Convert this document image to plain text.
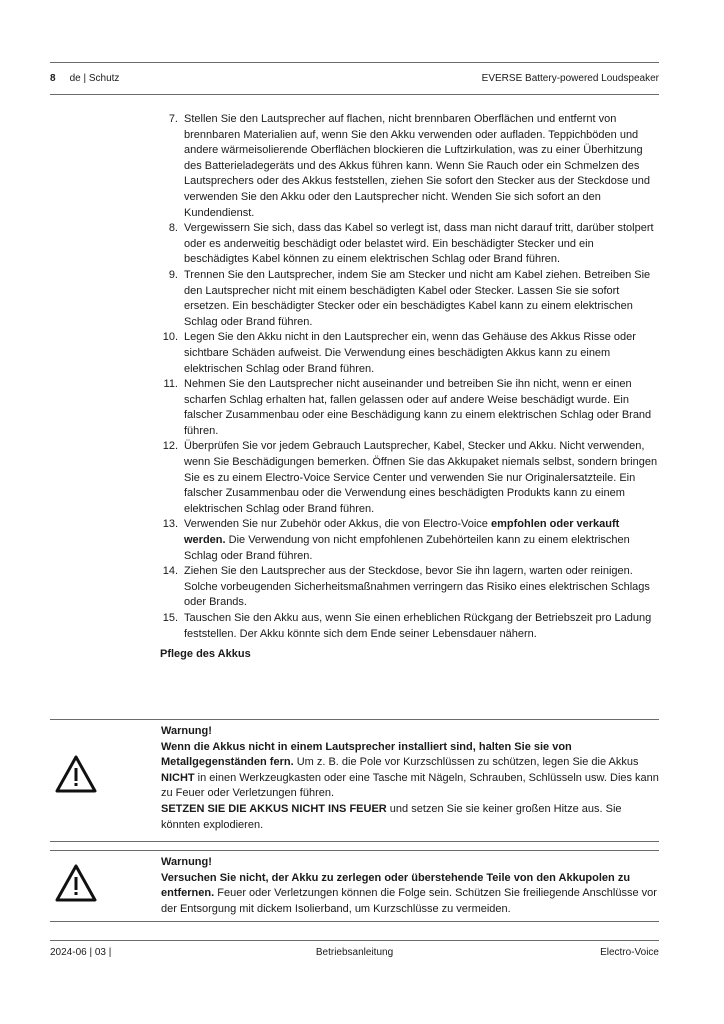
8 de | Schutz	EVERSE Battery-powered Loudspeaker
7. Stellen Sie den Lautsprecher auf flachen, nicht brennbaren Oberflächen und entfernt von brennbaren Materialien auf, wenn Sie den Akku verwenden oder aufladen. Teppichböden und andere wärmeisolierende Oberflächen blockieren die Luftzirkulation, was zu einer Überhitzung des Batterieladegeräts und des Akkus führen kann. Wenn Sie Rauch oder ein Schmelzen des Lautsprechers oder des Akkus feststellen, ziehen Sie sofort den Stecker aus der Steckdose und verwenden Sie den Akku oder den Lautsprecher nicht. Wenden Sie sich sofort an den Kundendienst.
8. Vergewissern Sie sich, dass das Kabel so verlegt ist, dass man nicht darauf tritt, darüber stolpert oder es anderweitig beschädigt oder belastet wird. Ein beschädigter Stecker und ein beschädigtes Kabel können zu einem elektrischen Schlag oder Brand führen.
9. Trennen Sie den Lautsprecher, indem Sie am Stecker und nicht am Kabel ziehen. Betreiben Sie den Lautsprecher nicht mit einem beschädigten Kabel oder Stecker. Lassen Sie sie sofort ersetzen. Ein beschädigter Stecker oder ein beschädigtes Kabel kann zu einem elektrischen Schlag oder Brand führen.
10. Legen Sie den Akku nicht in den Lautsprecher ein, wenn das Gehäuse des Akkus Risse oder sichtbare Schäden aufweist. Die Verwendung eines beschädigten Akkus kann zu einem elektrischen Schlag oder Brand führen.
11. Nehmen Sie den Lautsprecher nicht auseinander und betreiben Sie ihn nicht, wenn er einen scharfen Schlag erhalten hat, fallen gelassen oder auf andere Weise beschädigt wurde. Ein falscher Zusammenbau oder eine Beschädigung kann zu einem elektrischen Schlag oder Brand führen.
12. Überprüfen Sie vor jedem Gebrauch Lautsprecher, Kabel, Stecker und Akku. Nicht verwenden, wenn Sie Beschädigungen bemerken. Öffnen Sie das Akkupaket niemals selbst, sondern bringen Sie es zu einem Electro-Voice Service Center und verwenden Sie nur Originalersatzteile. Ein falscher Zusammenbau oder die Verwendung eines beschädigten Produkts kann zu einem elektrischen Schlag oder Brand führen.
13. Verwenden Sie nur Zubehör oder Akkus, die von Electro-Voice empfohlen oder verkauft werden. Die Verwendung von nicht empfohlenen Zubehörteilen kann zu einem elektrischen Schlag oder Brand führen.
14. Ziehen Sie den Lautsprecher aus der Steckdose, bevor Sie ihn lagern, warten oder reinigen. Solche vorbeugenden Sicherheitsmaßnahmen verringern das Risiko eines elektrischen Schlags oder Brands.
15. Tauschen Sie den Akku aus, wenn Sie einen erheblichen Rückgang der Betriebszeit pro Ladung feststellen. Der Akku könnte sich dem Ende seiner Lebensdauer nähern.
Pflege des Akkus
Warnung!
Wenn die Akkus nicht in einem Lautsprecher installiert sind, halten Sie sie von Metallgegenständen fern. Um z. B. die Pole vor Kurzschlüssen zu schützen, legen Sie die Akkus NICHT in einen Werkzeugkasten oder eine Tasche mit Nägeln, Schrauben, Schlüsseln usw. Dies kann zu Feuer oder Verletzungen führen.
SETZEN SIE DIE AKKUS NICHT INS FEUER und setzen Sie sie keiner großen Hitze aus. Sie könnten explodieren.
Warnung!
Versuchen Sie nicht, der Akku zu zerlegen oder überstehende Teile von den Akkupolen zu entfernen. Feuer oder Verletzungen können die Folge sein. Schützen Sie freiliegende Anschlüsse vor der Entsorgung mit dickem Isolierband, um Kurzschlüsse zu vermeiden.
2024-06 | 03 |	Betriebsanleitung	Electro-Voice
